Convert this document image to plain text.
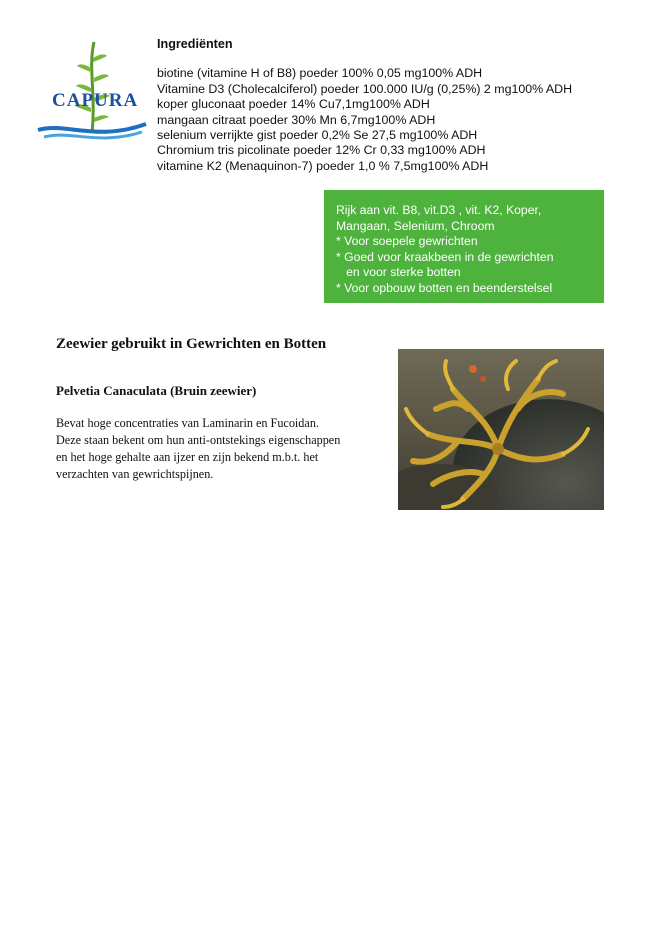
CAPURA
Ingrediënten
biotine (vitamine H of B8) poeder 100% 0,05 mg100% ADH
Vitamine D3 (Cholecalciferol) poeder 100.000 IU/g (0,25%) 2 mg100% ADH
koper gluconaat poeder 14% Cu7,1mg100% ADH
mangaan citraat poeder 30% Mn 6,7mg100% ADH
selenium verrijkte gist poeder 0,2% Se 27,5 mg100% ADH
Chromium tris picolinate poeder 12% Cr 0,33 mg100% ADH
vitamine K2 (Menaquinon-7) poeder 1,0 % 7,5mg100% ADH
Rijk aan vit. B8, vit.D3 , vit. K2, Koper,
Mangaan, Selenium, Chroom
* Voor soepele gewrichten
* Goed voor kraakbeen in de gewrichten
en voor sterke botten
* Voor opbouw botten en beenderstelsel
Zeewier gebruikt in Gewrichten en Botten
Pelvetia Canaculata (Bruin zeewier)
Bevat hoge concentraties van Laminarin en Fucoidan.
Deze staan bekent om hun anti-ontstekings eigenschappen
en het hoge gehalte aan ijzer en zijn bekend m.b.t. het
verzachten van gewrichtspijnen.
